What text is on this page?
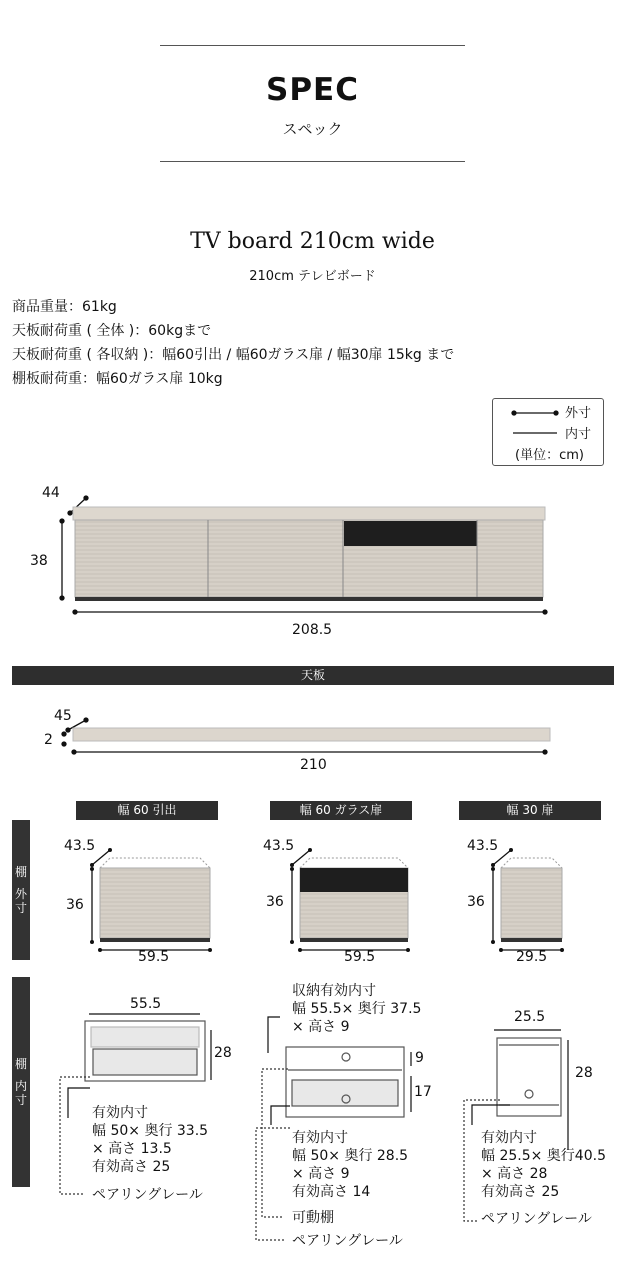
SPEC
スペック
TV board 210cm wide
210cm テレビボード
商品重量：61kg
天板耐荷重 ( 全体 )：60kgまで
天板耐荷重 ( 各収納 )：幅60引出 / 幅60ガラス扉 / 幅30扉 15kg まで
棚板耐荷重：幅60ガラス扉 10kg
外寸
内寸
(単位：cm)
44
38
208.5
天板
45
2
210
幅 60 引出	幅 60 ガラス扉	幅 30 扉
棚
外
寸
棚
内
寸
43.5
36
59.5
43.5
36
59.5
43.5
36
29.5
55.5
28
有効内寸
幅 50× 奥行 33.5
× 高さ 13.5
有効高さ 25
ペアリングレール
収納有効内寸
幅 55.5× 奥行 37.5
× 高さ 9
9
17
有効内寸
幅 50× 奥行 28.5
× 高さ 9
有効高さ 14
可動棚
ペアリングレール
25.5
28
有効内寸
幅 25.5× 奥行40.5
× 高さ 28
有効高さ 25
ペアリングレール
